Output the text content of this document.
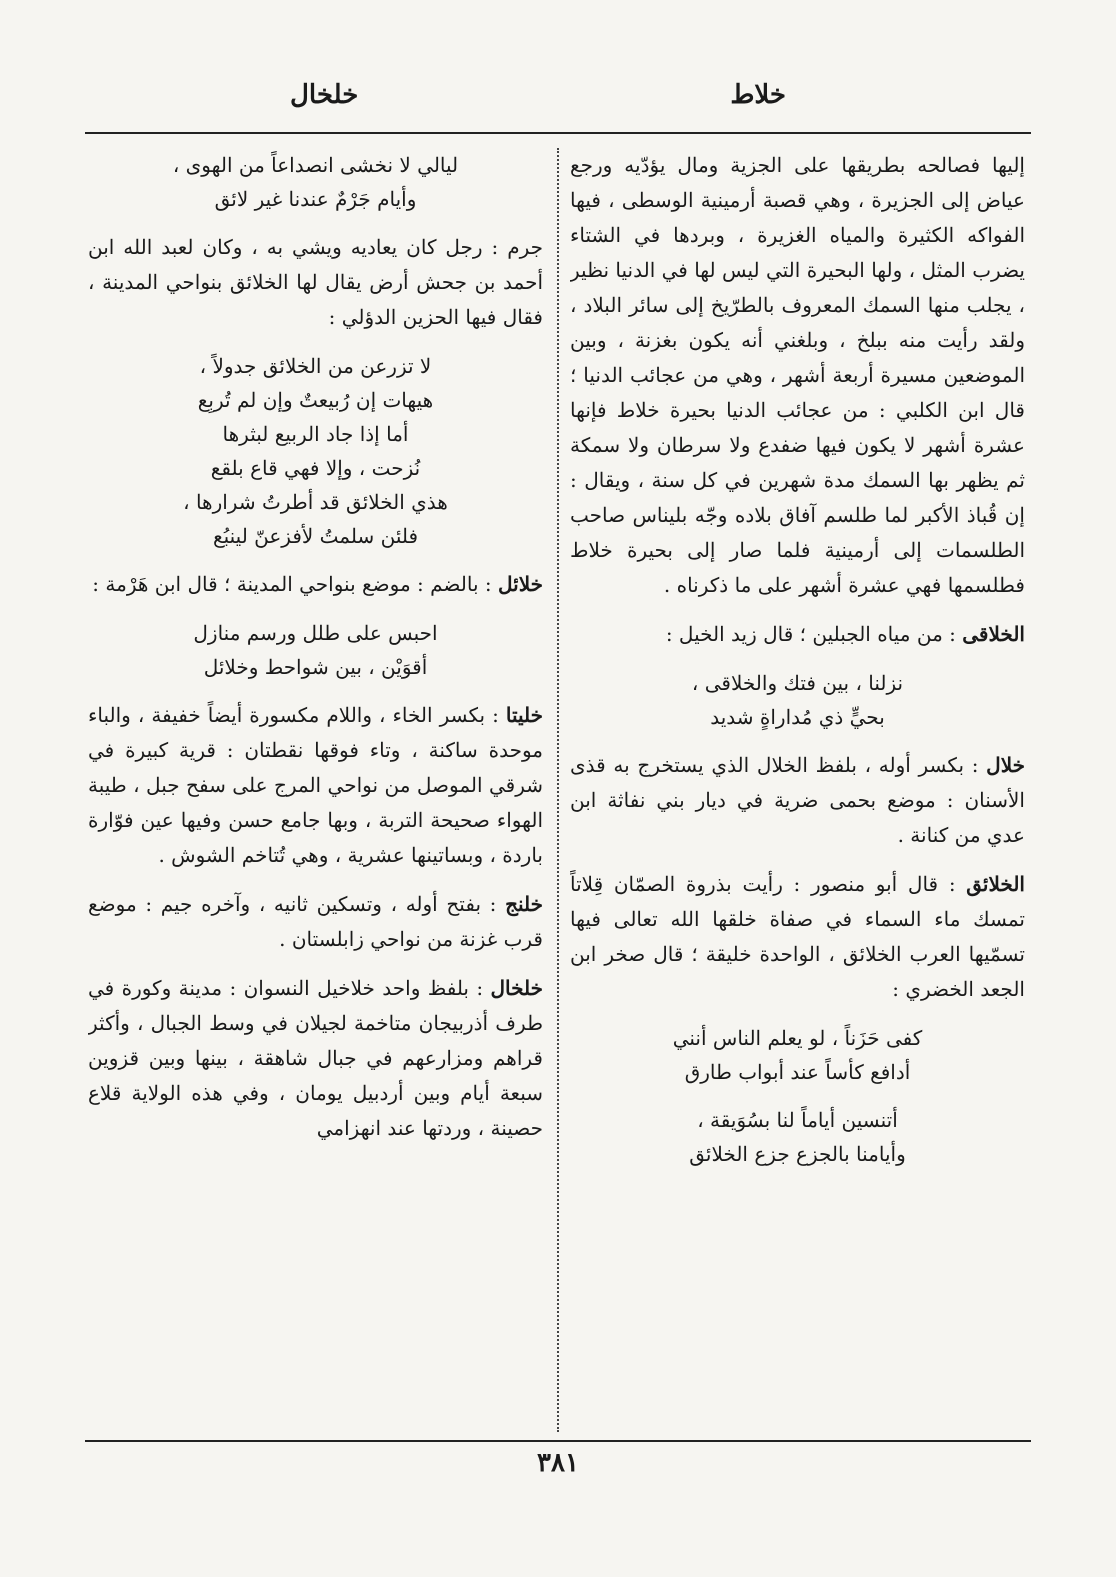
خلاط
خلخال

إليها فصالحه بطريقها على الجزية ومال يؤدّيه ورجع عياض إلى الجزيرة ، وهي قصبة أرمينية الوسطى ، فيها الفواكه الكثيرة والمياه الغزيرة ، وبردها في الشتاء يضرب المثل ، ولها البحيرة التي ليس لها في الدنيا نظير ، يجلب منها السمك المعروف بالطرّيخ إلى سائر البلاد ، ولقد رأيت منه ببلخ ، وبلغني أنه يكون بغزنة ، وبين الموضعين مسيرة أربعة أشهر ، وهي من عجائب الدنيا ؛ قال ابن الكلبي : من عجائب الدنيا بحيرة خلاط فإنها عشرة أشهر لا يكون فيها ضفدع ولا سرطان ولا سمكة ثم يظهر بها السمك مدة شهرين في كل سنة ، ويقال : إن قُباذ الأكبر لما طلسم آفاق بلاده وجّه بليناس صاحب الطلسمات إلى أرمينية فلما صار إلى بحيرة خلاط فطلسمها فهي عشرة أشهر على ما ذكرناه .

الخلاقى : من مياه الجبلين ؛ قال زيد الخيل :

نزلنا ، بين فتك والخلاقى ،
بحيٍّ ذي مُداراةٍ شديد

خلال : بكسر أوله ، بلفظ الخلال الذي يستخرج به قذى الأسنان : موضع بحمى ضرية في ديار بني نفاثة ابن عدي من كنانة .

الخلائق : قال أبو منصور : رأيت بذروة الصمّان قِلاتاً تمسك ماء السماء في صفاة خلقها الله تعالى فيها تسمّيها العرب الخلائق ، الواحدة خليقة ؛ قال صخر ابن الجعد الخضري :

كفى حَزَناً ، لو يعلم الناس أنني
أدافع كأساً عند أبواب طارق
أتنسين أياماً لنا بسُوَيقة ،
وأيامنا بالجزع جزع الخلائق
ليالي لا نخشى انصداعاً من الهوى ،
وأيام جَرْمٌ عندنا غير لائق

جرم : رجل كان يعاديه ويشي به ، وكان لعبد الله ابن أحمد بن جحش أرض يقال لها الخلائق بنواحي المدينة ، فقال فيها الحزين الدؤلي :

لا تزرعن من الخلائق جدولاً ،
هيهات إن رُبيعتٌ وإن لم تُربِع
أما إذا جاد الربيع لبثرها
نُزحت ، وإلا فهي قاع بلقع
هذي الخلائق قد أطرتُ شرارها ،
فلئن سلمتُ لأفزعنّ لينبُع

خلائل : بالضم : موضع بنواحي المدينة ؛ قال ابن هَرْمة :

احبس على طلل ورسم منازل
أقوَيْن ، بين شواحط وخلائل

خليتا : بكسر الخاء ، واللام مكسورة أيضاً خفيفة ، والباء موحدة ساكنة ، وتاء فوقها نقطتان : قرية كبيرة في شرقي الموصل من نواحي المرج على سفح جبل ، طيبة الهواء صحيحة التربة ، وبها جامع حسن وفيها عين فوّارة باردة ، وبساتينها عشرية ، وهي تُتاخم الشوش .

خلنج : بفتح أوله ، وتسكين ثانيه ، وآخره جيم : موضع قرب غزنة من نواحي زابلستان .

خلخال : بلفظ واحد خلاخيل النسوان : مدينة وكورة في طرف أذربيجان متاخمة لجيلان في وسط الجبال ، وأكثر قراهم ومزارعهم في جبال شاهقة ، بينها وبين قزوين سبعة أيام وبين أردبيل يومان ، وفي هذه الولاية قلاع حصينة ، وردتها عند انهزامي

٣٨١
